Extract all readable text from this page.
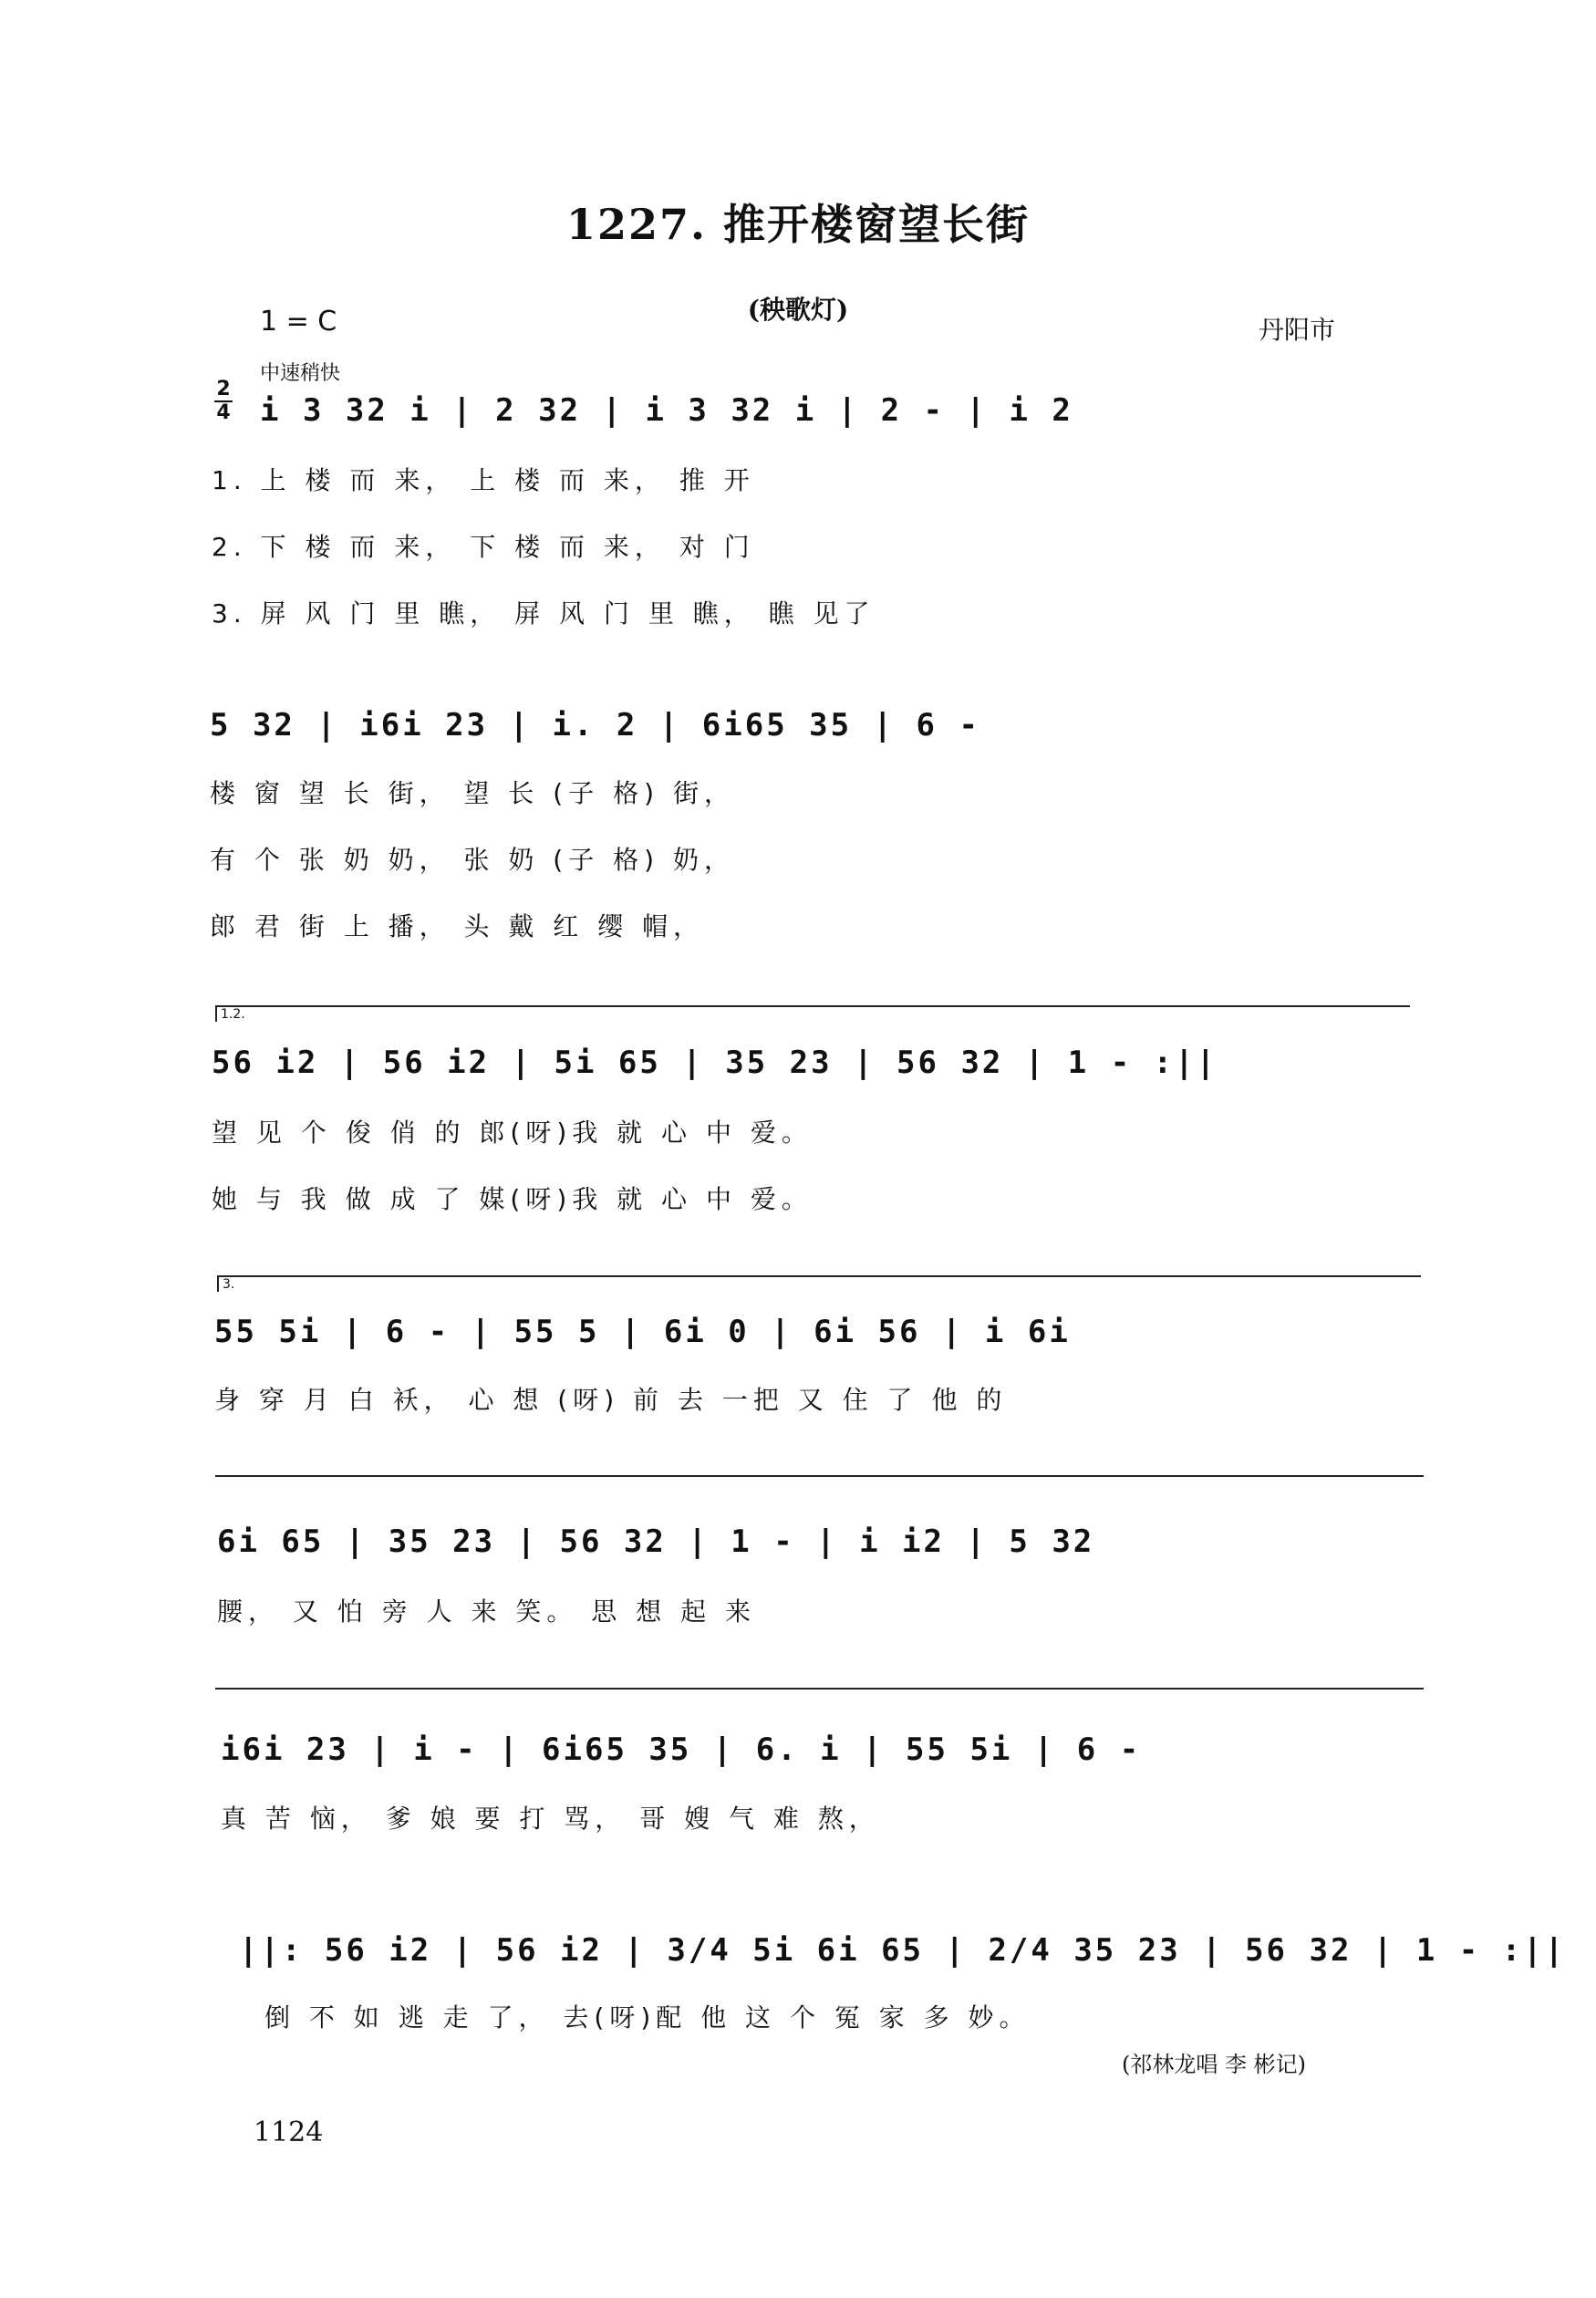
1227. 推开楼窗望长街
1 = C	(秧歌灯)
丹阳市
中速稍快
2
4 i 3 32 i | 2 32 | i 3 32 i | 2 - | i 2
1. 上 楼 而 来， 上 楼 而 来， 推 开
2. 下 楼 而 来， 下 楼 而 来， 对 门
3. 屏 风 门 里 瞧， 屏 风 门 里 瞧， 瞧 见了
5 32 | i6i 23 | i. 2 | 6i65 35 | 6 -
楼 窗 望 长 街， 望 长 (子 格) 街，
有 个 张 奶 奶， 张 奶 (子 格) 奶，
郎 君 街 上 播， 头 戴 红 缨 帽，
1.2.
56 i2 | 56 i2 | 5i 65 | 35 23 | 56 32 | 1 - :||
望 见 个 俊 俏 的 郎(呀)我 就 心 中 爱。
她 与 我 做 成 了 媒(呀)我 就 心 中 爱。
3.
55 5i | 6 - | 55 5 | 6i 0 | 6i 56 | i 6i
身 穿 月 白 袄， 心 想 (呀) 前 去 一把 又 住 了 他 的
6i 65 | 35 23 | 56 32 | 1 - | i i2 | 5 32
腰， 又 怕 旁 人 来 笑。 思 想 起 来
i6i 23 | i - | 6i65 35 | 6. i | 55 5i | 6 -
真 苦 恼， 爹 娘 要 打 骂， 哥 嫂 气 难 熬，
||: 56 i2 | 56 i2 | 3/4 5i 6i 65 | 2/4 35 23 | 56 32 | 1 - :||
倒 不 如 逃 走 了， 去(呀)配 他 这 个 冤 家 多 妙。
(祁林龙唱 李 彬记)
1124
